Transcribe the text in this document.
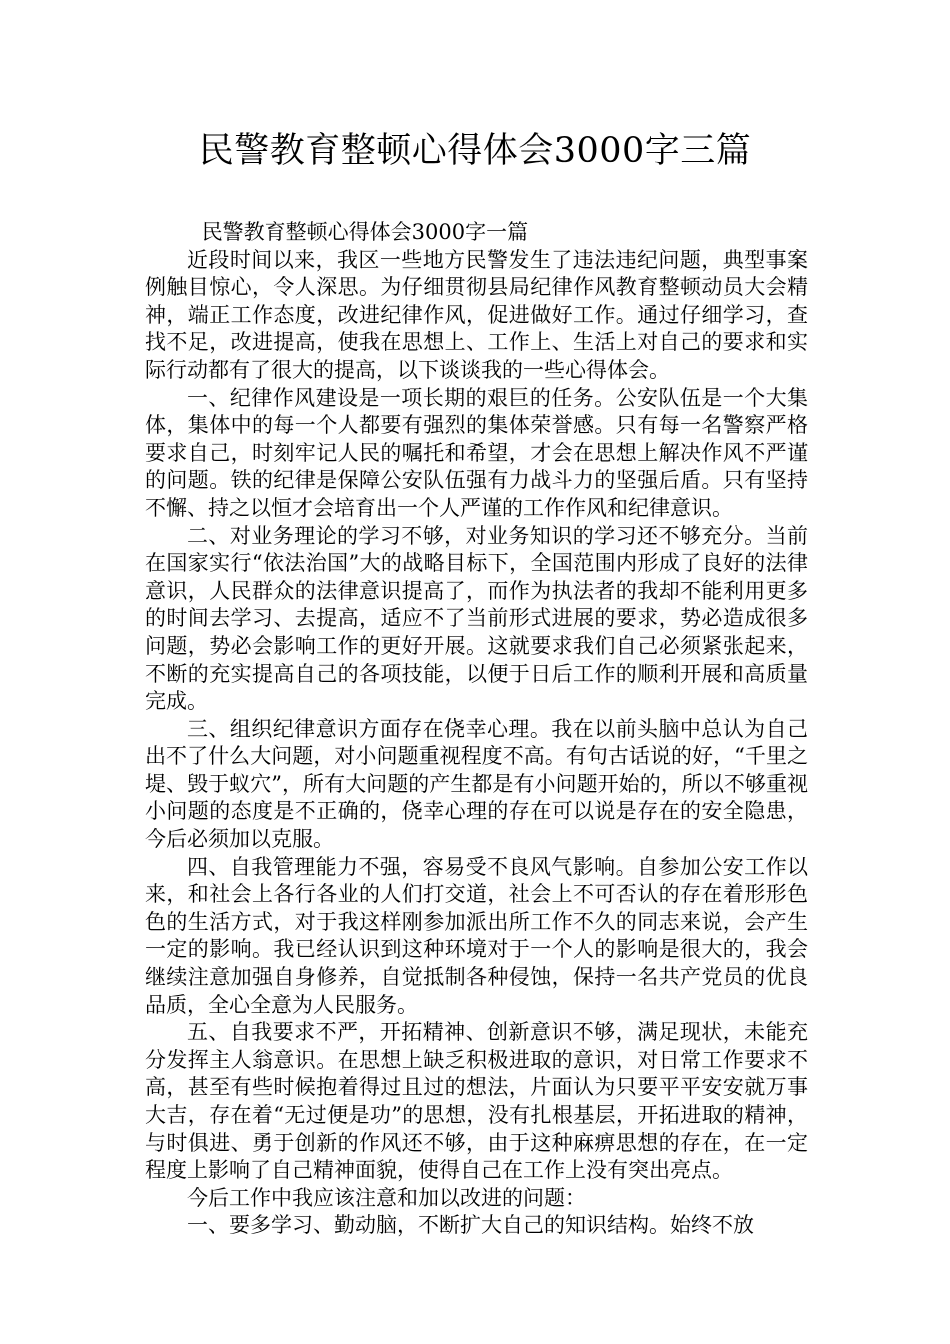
民警教育整顿心得体会3000字三篇

民警教育整顿心得体会3000字一篇

近段时间以来，我区一些地方民警发生了违法违纪问题，典型事案例触目惊心，令人深思。为仔细贯彻县局纪律作风教育整顿动员大会精神，端正工作态度，改进纪律作风，促进做好工作。通过仔细学习，查找不足，改进提高，使我在思想上、工作上、生活上对自己的要求和实际行动都有了很大的提高，以下谈谈我的一些心得体会。

一、纪律作风建设是一项长期的艰巨的任务。公安队伍是一个大集体，集体中的每一个人都要有强烈的集体荣誉感。只有每一名警察严格要求自己，时刻牢记人民的嘱托和希望，才会在思想上解决作风不严谨的问题。铁的纪律是保障公安队伍强有力战斗力的坚强后盾。只有坚持不懈、持之以恒才会培育出一个人严谨的工作作风和纪律意识。

二、对业务理论的学习不够，对业务知识的学习还不够充分。当前在国家实行“依法治国”大的战略目标下，全国范围内形成了良好的法律意识，人民群众的法律意识提高了，而作为执法者的我却不能利用更多的时间去学习、去提高，适应不了当前形式进展的要求，势必造成很多问题，势必会影响工作的更好开展。这就要求我们自己必须紧张起来，不断的充实提高自己的各项技能，以便于日后工作的顺利开展和高质量完成。

三、组织纪律意识方面存在侥幸心理。我在以前头脑中总认为自己出不了什么大问题，对小问题重视程度不高。有句古话说的好，“千里之堤、毁于蚁穴”，所有大问题的产生都是有小问题开始的，所以不够重视小问题的态度是不正确的，侥幸心理的存在可以说是存在的安全隐患，今后必须加以克服。

四、自我管理能力不强，容易受不良风气影响。自参加公安工作以来，和社会上各行各业的人们打交道，社会上不可否认的存在着形形色色的生活方式，对于我这样刚参加派出所工作不久的同志来说，会产生一定的影响。我已经认识到这种环境对于一个人的影响是很大的，我会继续注意加强自身修养，自觉抵制各种侵蚀，保持一名共产党员的优良品质，全心全意为人民服务。

五、自我要求不严，开拓精神、创新意识不够，满足现状，未能充分发挥主人翁意识。在思想上缺乏积极进取的意识，对日常工作要求不高，甚至有些时候抱着得过且过的想法，片面认为只要平平安安就万事大吉，存在着“无过便是功”的思想，没有扎根基层，开拓进取的精神，与时俱进、勇于创新的作风还不够，由于这种麻痹思想的存在，在一定程度上影响了自己精神面貌，使得自己在工作上没有突出亮点。

今后工作中我应该注意和加以改进的问题：

一、要多学习、勤动脑，不断扩大自己的知识结构。始终不放
